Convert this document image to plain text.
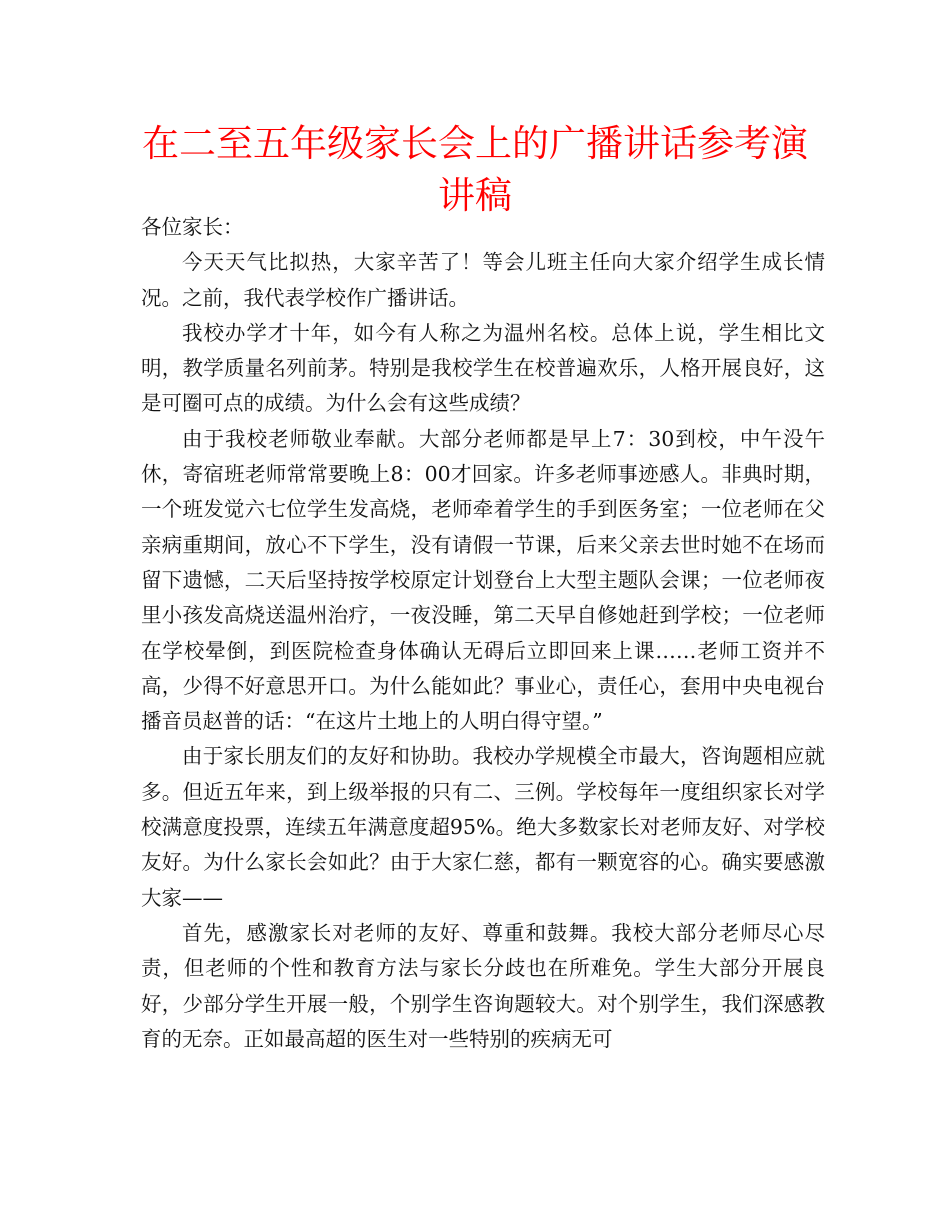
在二至五年级家长会上的广播讲话参考演讲稿

各位家长：

今天天气比拟热，大家辛苦了！等会儿班主任向大家介绍学生成长情况。之前，我代表学校作广播讲话。

我校办学才十年，如今有人称之为温州名校。总体上说，学生相比文明，教学质量名列前茅。特别是我校学生在校普遍欢乐，人格开展良好，这是可圈可点的成绩。为什么会有这些成绩？

由于我校老师敬业奉献。大部分老师都是早上7：30到校，中午没午休，寄宿班老师常常要晚上8：00才回家。许多老师事迹感人。非典时期，一个班发觉六七位学生发高烧，老师牵着学生的手到医务室；一位老师在父亲病重期间，放心不下学生，没有请假一节课，后来父亲去世时她不在场而留下遗憾，二天后坚持按学校原定计划登台上大型主题队会课；一位老师夜里小孩发高烧送温州治疗，一夜没睡，第二天早自修她赶到学校；一位老师在学校晕倒，到医院检查身体确认无碍后立即回来上课……老师工资并不高，少得不好意思开口。为什么能如此？事业心，责任心，套用中央电视台播音员赵普的话：“在这片土地上的人明白得守望。”

由于家长朋友们的友好和协助。我校办学规模全市最大，咨询题相应就多。但近五年来，到上级举报的只有二、三例。学校每年一度组织家长对学校满意度投票，连续五年满意度超95%。绝大多数家长对老师友好、对学校友好。为什么家长会如此？由于大家仁慈，都有一颗宽容的心。确实要感激大家——

首先，感激家长对老师的友好、尊重和鼓舞。我校大部分老师尽心尽责，但老师的个性和教育方法与家长分歧也在所难免。学生大部分开展良好，少部分学生开展一般，个别学生咨询题较大。对个别学生，我们深感教育的无奈。正如最高超的医生对一些特别的疾病无可
